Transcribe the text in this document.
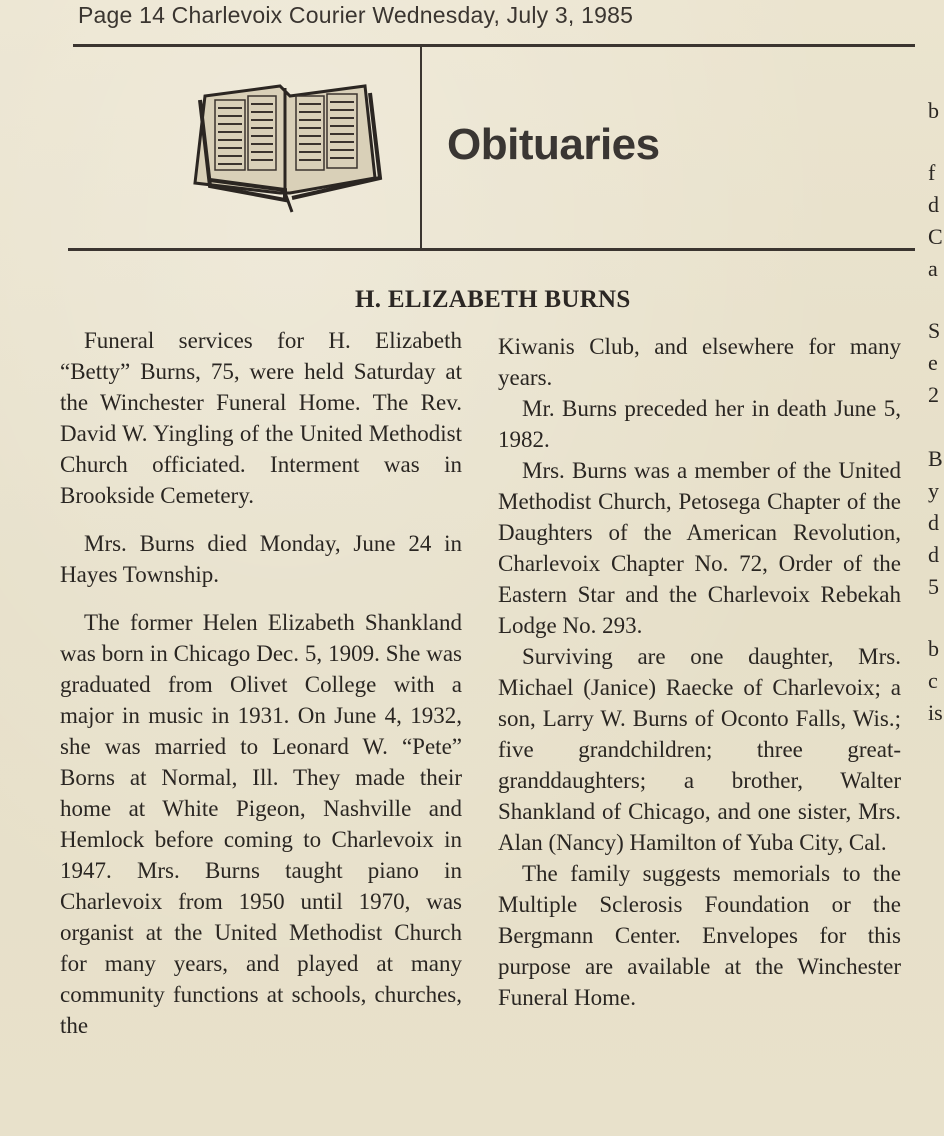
Page 14 Charlevoix Courier Wednesday, July 3, 1985
Obituaries
H. ELIZABETH BURNS

Funeral services for H. Elizabeth “Betty” Burns, 75, were held Saturday at the Winchester Funeral Home. The Rev. David W. Yingling of the United Methodist Church officiated. Interment was in Brookside Cemetery.

Mrs. Burns died Monday, June 24 in Hayes Township.

The former Helen Elizabeth Shankland was born in Chicago Dec. 5, 1909. She was graduated from Olivet College with a major in music in 1931. On June 4, 1932, she was married to Leonard W. “Pete” Borns at Normal, Ill. They made their home at White Pigeon, Nashville and Hemlock before coming to Charlevoix in 1947. Mrs. Burns taught piano in Charlevoix from 1950 until 1970, was organist at the United Methodist Church for many years, and played at many community functions at schools, churches, the

Kiwanis Club, and elsewhere for many years.

Mr. Burns preceded her in death June 5, 1982.

Mrs. Burns was a member of the United Methodist Church, Petosega Chapter of the Daughters of the American Revolution, Charlevoix Chapter No. 72, Order of the Eastern Star and the Charlevoix Rebekah Lodge No. 293.

Surviving are one daughter, Mrs. Michael (Janice) Raecke of Charlevoix; a son, Larry W. Burns of Oconto Falls, Wis.; five grandchildren; three great-granddaughters; a brother, Walter Shankland of Chicago, and one sister, Mrs. Alan (Nancy) Hamilton of Yuba City, Cal.

The family suggests memorials to the Multiple Sclerosis Foundation or the Bergmann Center. Envelopes for this purpose are available at the Winchester Funeral Home.

b
f
d
C
a
S
e
2
B
y
d
d
5
b
c
is
